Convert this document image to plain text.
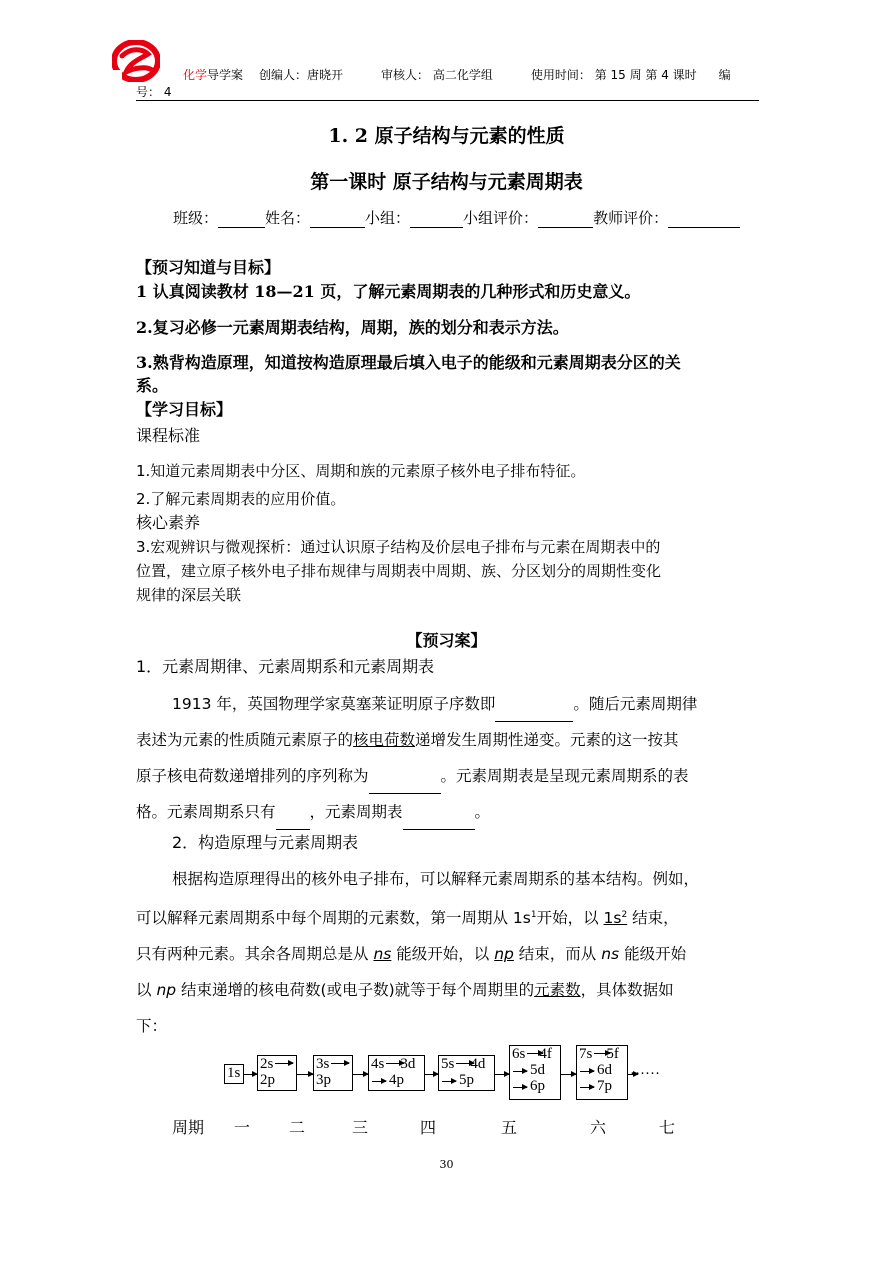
化学导学案 创编人：唐晓开	审核人： 高二化学组	使用时间： 第 15 周 第 4 课时 编
号： 4
1. 2 原子结构与元素的性质
第一课时 原子结构与元素周期表
班级：	姓名：	小组：	小组评价：	教师评价：
【预习知道与目标】
1 认真阅读教材 18—21 页，了解元素周期表的几种形式和历史意义。
2.复习必修一元素周期表结构，周期，族的划分和表示方法。
3.熟背构造原理，知道按构造原理最后填入电子的能级和元素周期表分区的关
系。
【学习目标】
课程标准
1.知道元素周期表中分区、周期和族的元素原子核外电子排布特征。
2.了解元素周期表的应用价值。
核心素养
3.宏观辨识与微观探析：通过认识原子结构及价层电子排布与元素在周期表中的
位置，建立原子核外电子排布规律与周期表中周期、族、分区划分的周期性变化
规律的深层关联
【预习案】
1．元素周期律、元素周期系和元素周期表
1913 年，英国物理学家莫塞莱证明原子序数即	。随后元素周期律
表述为元素的性质随元素原子的核电荷数递增发生周期性递变。元素的这一按其
原子核电荷数递增排列的序列称为	。元素周期表是呈现元素周期系的表
格。元素周期系只有 ，元素周期表	。
2．构造原理与元素周期表
根据构造原理得出的核外电子排布，可以解释元素周期系的基本结构。例如，
可以解释元素周期系中每个周期的元素数，第一周期从 $1s^1$开始，以 $1s^2$ 结束，
只有两种元素。其余各周期总是从 ns 能级开始，以 np 结束，而从 ns 能级开始
以 np 结束递增的核电荷数(或电子数)就等于每个周期里的元素数，具体数据如
下：
1s
2s
2p
3s
3p
4s 3d
4p
5s 4d
5p
6s 4f
5d
6p
7s 5f
6d
7p
……
周期 一 二	三	四	五	六	七
30
